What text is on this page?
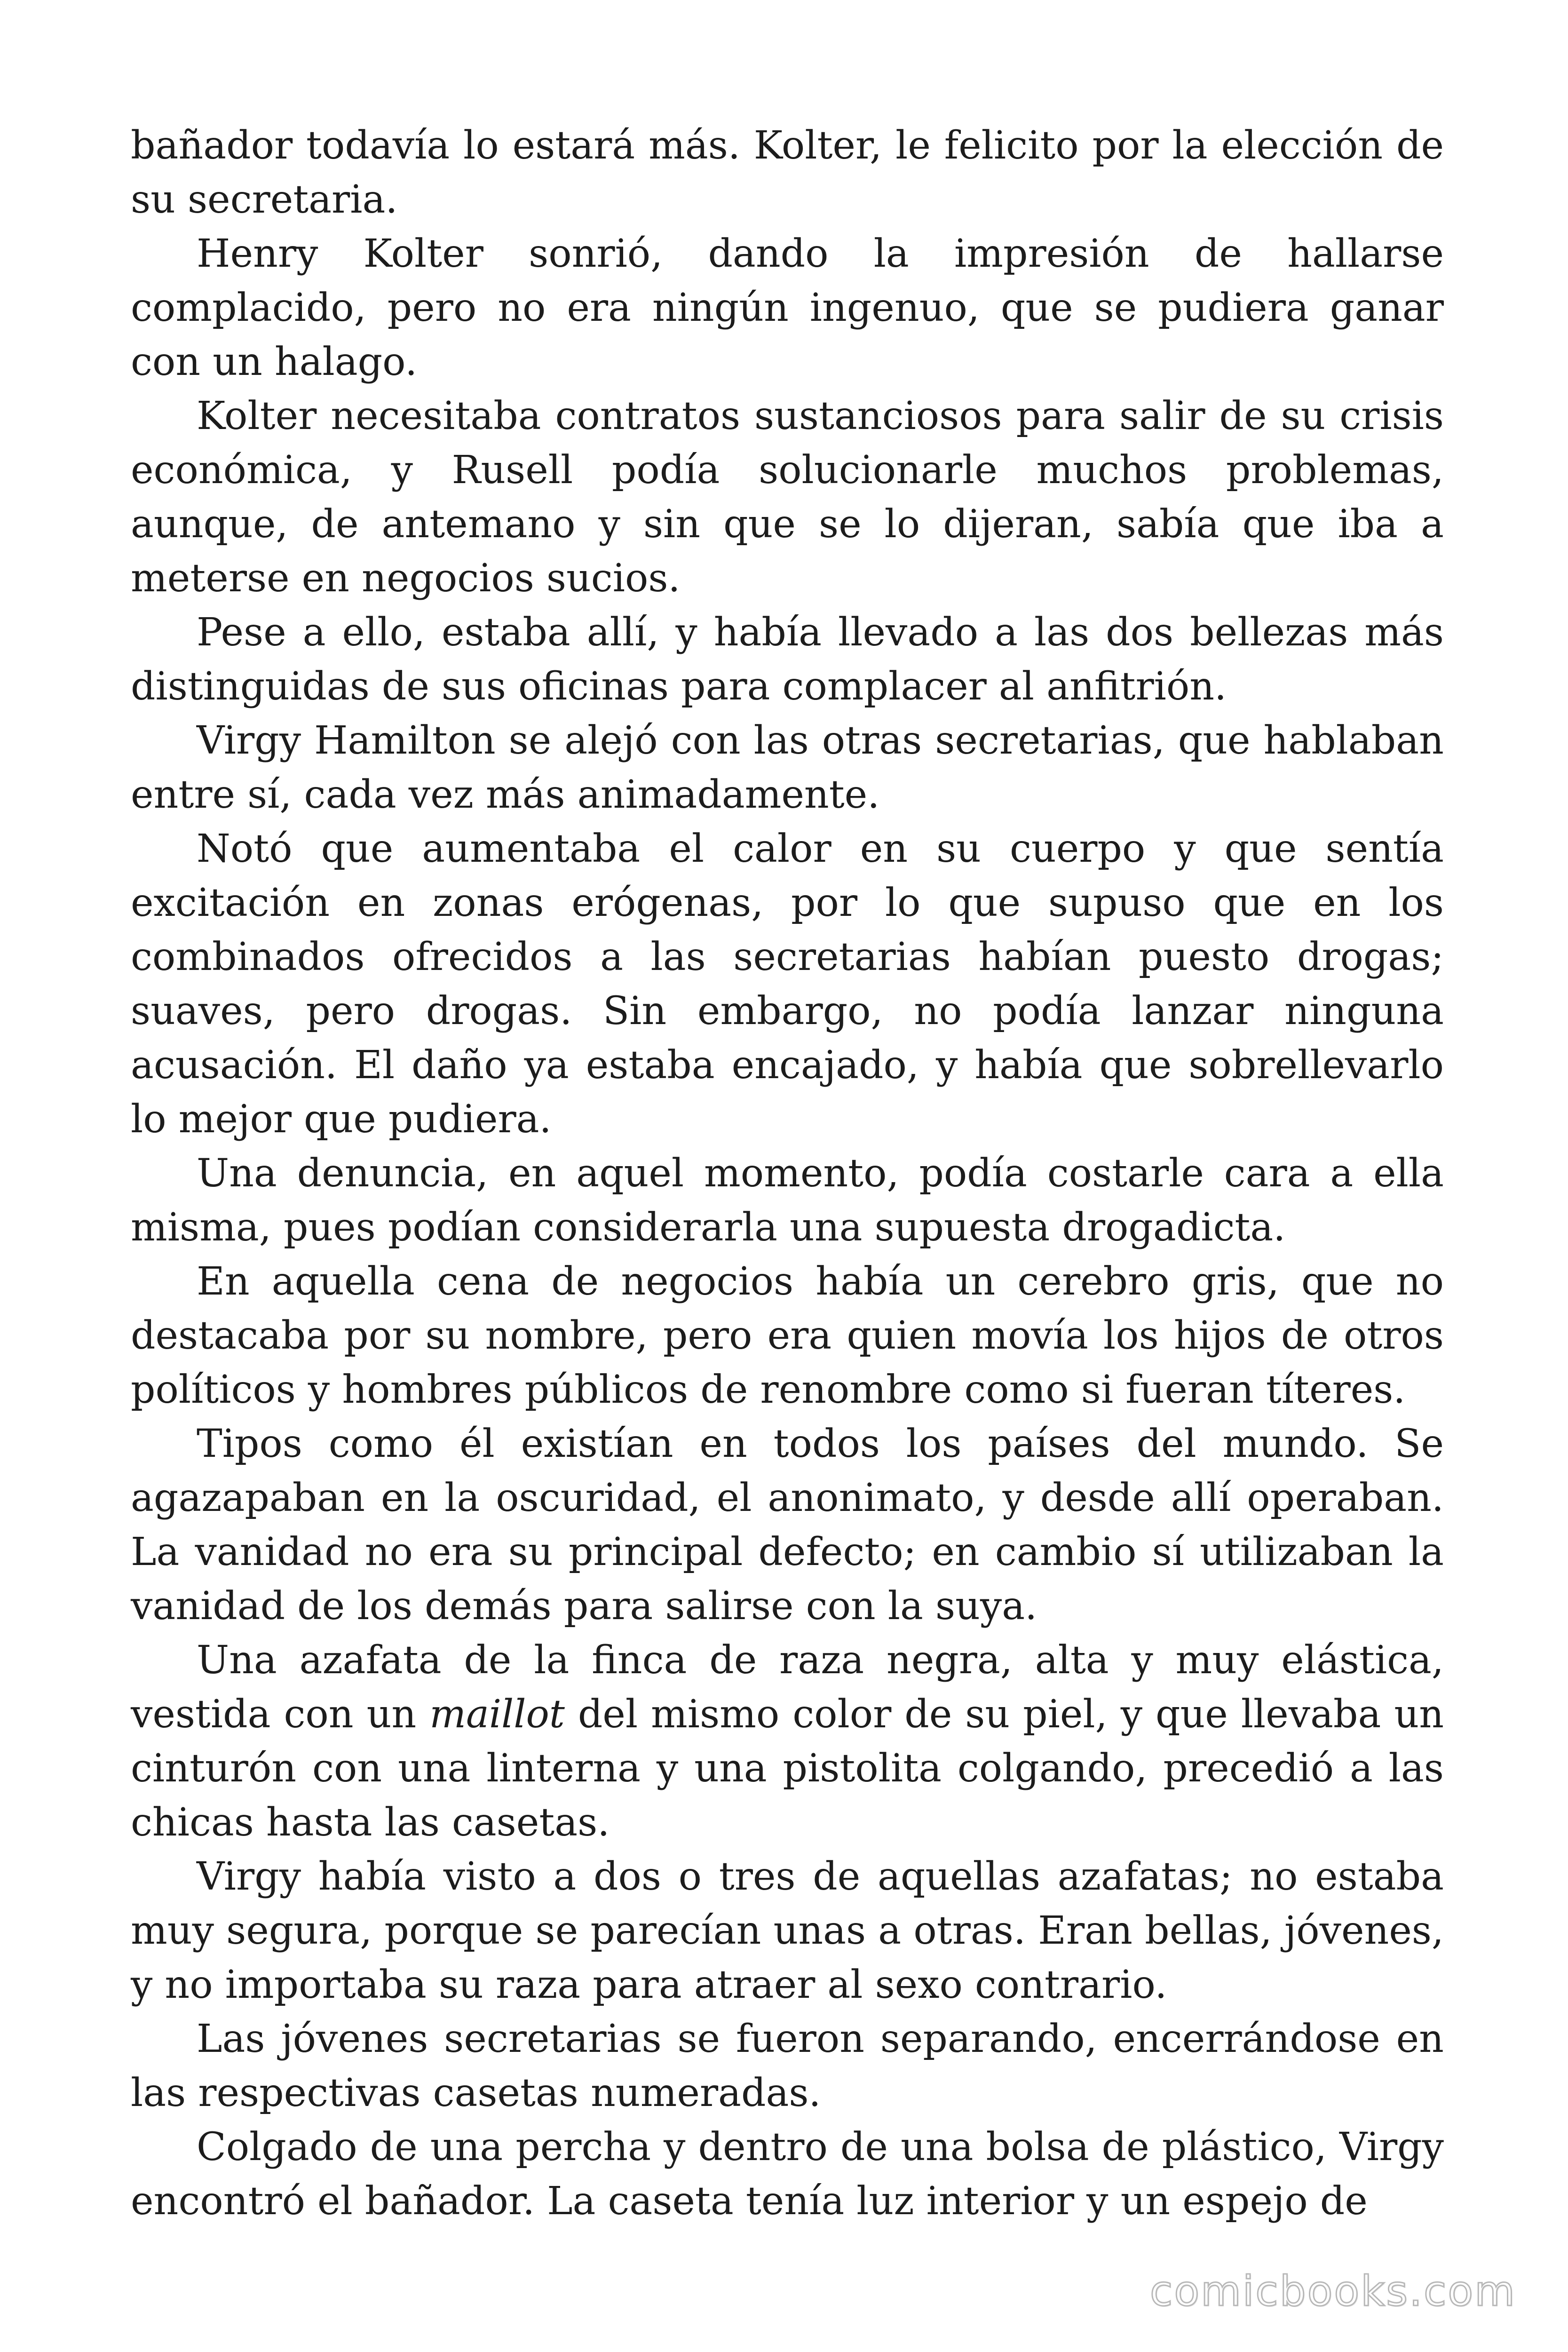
bañador todavía lo estará más. Kolter, le felicito por la elección de su secretaria.

Henry Kolter sonrió, dando la impresión de hallarse complacido, pero no era ningún ingenuo, que se pudiera ganar con un halago.

Kolter necesitaba contratos sustanciosos para salir de su crisis económica, y Rusell podía solucionarle muchos problemas, aunque, de antemano y sin que se lo dijeran, sabía que iba a meterse en negocios sucios.

Pese a ello, estaba allí, y había llevado a las dos bellezas más distinguidas de sus oficinas para complacer al anfitrión.

Virgy Hamilton se alejó con las otras secretarias, que hablaban entre sí, cada vez más animadamente.

Notó que aumentaba el calor en su cuerpo y que sentía excitación en zonas erógenas, por lo que supuso que en los combinados ofrecidos a las secretarias habían puesto drogas; suaves, pero drogas. Sin embargo, no podía lanzar ninguna acusación. El daño ya estaba encajado, y había que sobrellevarlo lo mejor que pudiera.

Una denuncia, en aquel momento, podía costarle cara a ella misma, pues podían considerarla una supuesta drogadicta.

En aquella cena de negocios había un cerebro gris, que no destacaba por su nombre, pero era quien movía los hijos de otros políticos y hombres públicos de renombre como si fueran títeres.

Tipos como él existían en todos los países del mundo. Se agazapaban en la oscuridad, el anonimato, y desde allí operaban. La vanidad no era su principal defecto; en cambio sí utilizaban la vanidad de los demás para salirse con la suya.

Una azafata de la finca de raza negra, alta y muy elástica, vestida con un maillot del mismo color de su piel, y que llevaba un cinturón con una linterna y una pistolita colgando, precedió a las chicas hasta las casetas.

Virgy había visto a dos o tres de aquellas azafatas; no estaba muy segura, porque se parecían unas a otras. Eran bellas, jóvenes, y no importaba su raza para atraer al sexo contrario.

Las jóvenes secretarias se fueron separando, encerrándose en las respectivas casetas numeradas.

Colgado de una percha y dentro de una bolsa de plástico, Virgy encontró el bañador. La caseta tenía luz interior y un espejo de

comicbooks.com
